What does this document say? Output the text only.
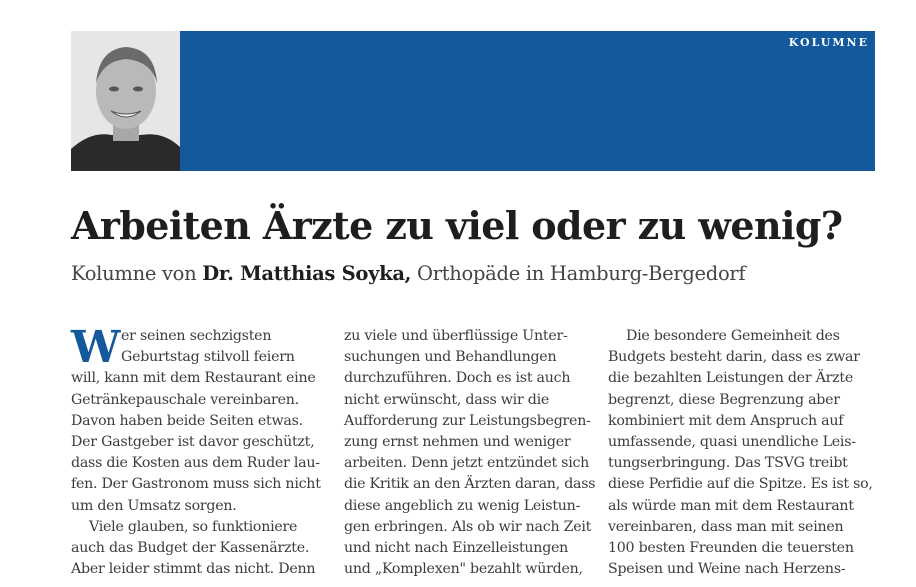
KOLUMNE
Arbeiten Ärzte zu viel oder zu wenig?
Kolumne von Dr. Matthias Soyka, Orthopäde in Hamburg-Bergedorf
W er seinen sechzigsten
Geburtstag stilvoll feiern
will, kann mit dem Restaurant eine
Getränkepauschale vereinbaren.
Davon haben beide Seiten etwas.
Der Gastgeber ist davor geschützt,
dass die Kosten aus dem Ruder lau-
fen. Der Gastronom muss sich nicht
um den Umsatz sorgen.
Viele glauben, so funktioniere
auch das Budget der Kassenärzte.
Aber leider stimmt das nicht. Denn
zu viele und überflüssige Unter-
suchungen und Behandlungen
durchzuführen. Doch es ist auch
nicht erwünscht, dass wir die
Aufforderung zur Leistungsbegren-
zung ernst nehmen und weniger
arbeiten. Denn jetzt entzündet sich
die Kritik an den Ärzten daran, dass
diese angeblich zu wenig Leistun-
gen erbringen. Als ob wir nach Zeit
und nicht nach Einzelleistungen
und „Komplexen" bezahlt würden,
Die besondere Gemeinheit des
Budgets besteht darin, dass es zwar
die bezahlten Leistungen der Ärzte
begrenzt, diese Begrenzung aber
kombiniert mit dem Anspruch auf
umfassende, quasi unendliche Leis-
tungserbringung. Das TSVG treibt
diese Perfidie auf die Spitze. Es ist so,
als würde man mit dem Restaurant
vereinbaren, dass man mit seinen
100 besten Freunden die teuersten
Speisen und Weine nach Herzens-
